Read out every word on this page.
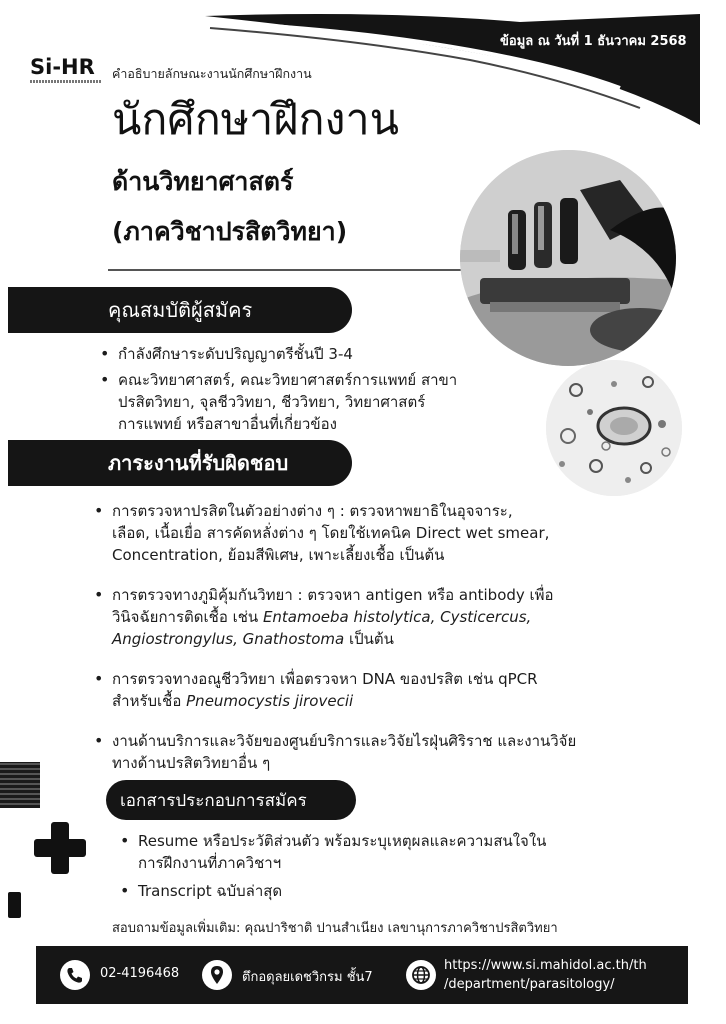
ข้อมูล ณ วันที่ 1 ธันวาคม 2568
Si-HR	คำอธิบายลักษณะงานนักศึกษาฝึกงาน
นักศึกษาฝึกงาน
ด้านวิทยาศาสตร์
(ภาควิชาปรสิตวิทยา)
คุณสมบัติผู้สมัคร
• กำลังศึกษาระดับปริญญาตรีชั้นปี 3-4
• คณะวิทยาศาสตร์, คณะวิทยาศาสตร์การแพทย์ สาขา
ปรสิตวิทยา, จุลชีววิทยา, ชีววิทยา, วิทยาศาสตร์
การแพทย์ หรือสาขาอื่นที่เกี่ยวข้อง
ภาระงานที่รับผิดชอบ
• การตรวจหาปรสิตในตัวอย่างต่าง ๆ : ตรวจหาพยาธิในอุจจาระ,
เลือด, เนื้อเยื่อ สารคัดหลั่งต่าง ๆ โดยใช้เทคนิค Direct wet smear,
Concentration, ย้อมสีพิเศษ, เพาะเลี้ยงเชื้อ เป็นต้น
• การตรวจทางภูมิคุ้มกันวิทยา : ตรวจหา antigen หรือ antibody เพื่อ
วินิจฉัยการติดเชื้อ เช่น Entamoeba histolytica, Cysticercus,
Angiostrongylus, Gnathostoma เป็นต้น
• การตรวจทางอณูชีววิทยา เพื่อตรวจหา DNA ของปรสิต เช่น qPCR
สำหรับเชื้อ Pneumocystis jirovecii
• งานด้านบริการและวิจัยของศูนย์บริการและวิจัยไรฝุ่นศิริราช และงานวิจัย
ทางด้านปรสิตวิทยาอื่น ๆ
เอกสารประกอบการสมัคร
• Resume หรือประวัติส่วนตัว พร้อมระบุเหตุผลและความสนใจใน
การฝึกงานที่ภาควิชาฯ
• Transcript ฉบับล่าสุด
สอบถามข้อมูลเพิ่มเติม: คุณปาริชาติ ปานสำเนียง เลขานุการภาควิชาปรสิตวิทยา
02-4196468	ตึกอดุลยเดชวิกรม ชั้น7
https://www.si.mahidol.ac.th/th
/department/parasitology/
